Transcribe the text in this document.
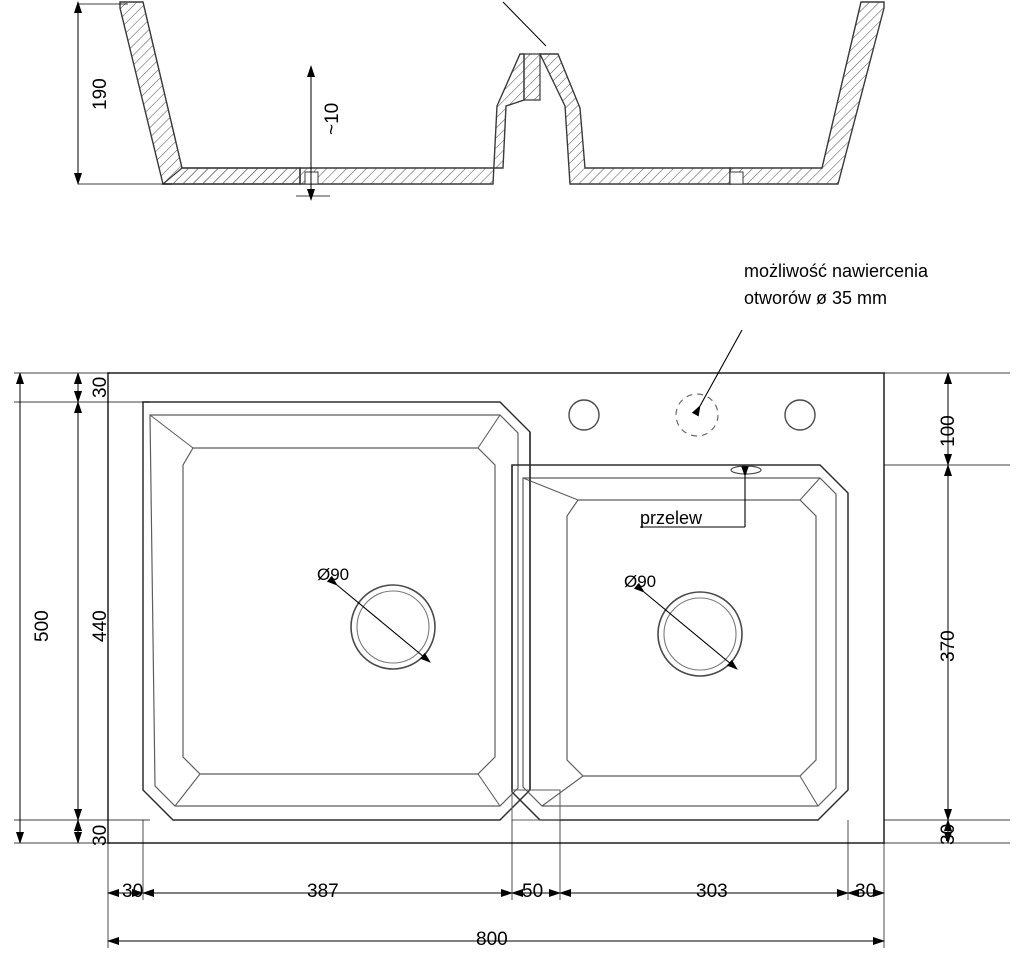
190
~10
możliwość nawiercenia
otworów ø 35 mm
przelew
Ø90	Ø90
30
30
440
500
100
370
30
30	387	50	303	30
800
